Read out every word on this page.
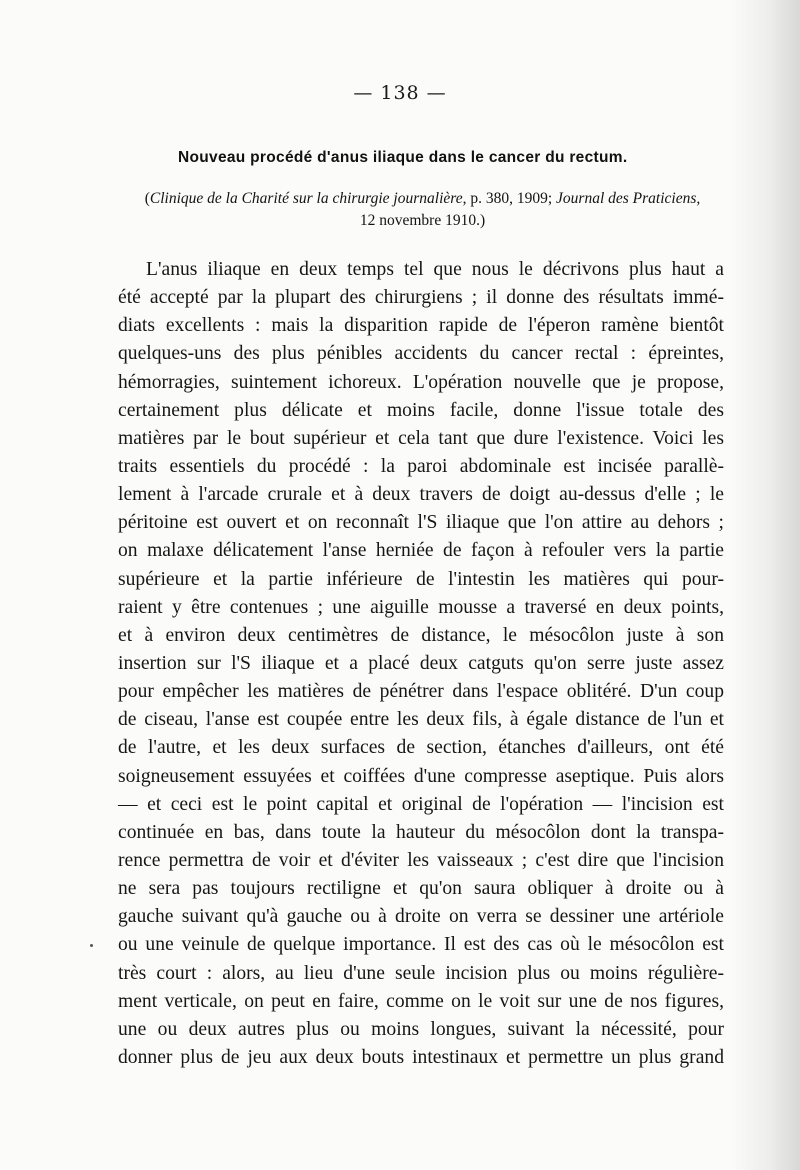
— 138 —
Nouveau procédé d'anus iliaque dans le cancer du rectum.
(Clinique de la Charité sur la chirurgie journalière, p. 380, 1909; Journal des Praticiens,
12 novembre 1910.)
L'anus iliaque en deux temps tel que nous le décrivons plus haut a
été accepté par la plupart des chirurgiens ; il donne des résultats immé-
diats excellents : mais la disparition rapide de l'éperon ramène bientôt
quelques-uns des plus pénibles accidents du cancer rectal : épreintes,
hémorragies, suintement ichoreux. L'opération nouvelle que je propose,
certainement plus délicate et moins facile, donne l'issue totale des
matières par le bout supérieur et cela tant que dure l'existence. Voici les
traits essentiels du procédé : la paroi abdominale est incisée parallè-
lement à l'arcade crurale et à deux travers de doigt au-dessus d'elle ; le
péritoine est ouvert et on reconnaît l'S iliaque que l'on attire au dehors ;
on malaxe délicatement l'anse herniée de façon à refouler vers la partie
supérieure et la partie inférieure de l'intestin les matières qui pour-
raient y être contenues ; une aiguille mousse a traversé en deux points,
et à environ deux centimètres de distance, le mésocôlon juste à son
insertion sur l'S iliaque et a placé deux catguts qu'on serre juste assez
pour empêcher les matières de pénétrer dans l'espace oblitéré. D'un coup
de ciseau, l'anse est coupée entre les deux fils, à égale distance de l'un et
de l'autre, et les deux surfaces de section, étanches d'ailleurs, ont été
soigneusement essuyées et coiffées d'une compresse aseptique. Puis alors
— et ceci est le point capital et original de l'opération — l'incision est
continuée en bas, dans toute la hauteur du mésocôlon dont la transpa-
rence permettra de voir et d'éviter les vaisseaux ; c'est dire que l'incision
ne sera pas toujours rectiligne et qu'on saura obliquer à droite ou à
gauche suivant qu'à gauche ou à droite on verra se dessiner une artériole
ou une veinule de quelque importance. Il est des cas où le mésocôlon est
très court : alors, au lieu d'une seule incision plus ou moins régulière-
ment verticale, on peut en faire, comme on le voit sur une de nos figures,
une ou deux autres plus ou moins longues, suivant la nécessité, pour
donner plus de jeu aux deux bouts intestinaux et permettre un plus grand
